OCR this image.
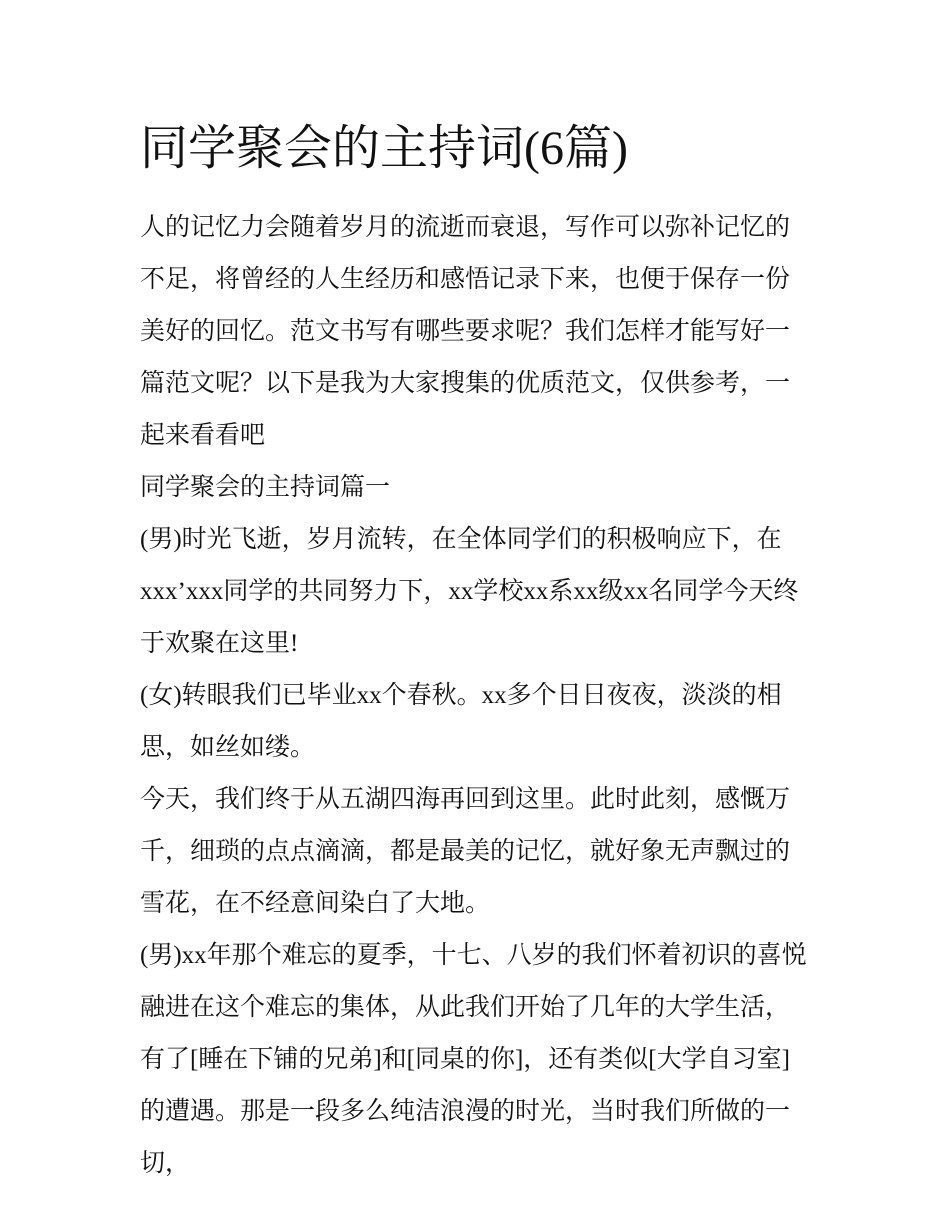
同学聚会的主持词(6篇)

人的记忆力会随着岁月的流逝而衰退，写作可以弥补记忆的不足，将曾经的人生经历和感悟记录下来，也便于保存一份美好的回忆。范文书写有哪些要求呢？我们怎样才能写好一篇范文呢？以下是我为大家搜集的优质范文，仅供参考，一起来看看吧

同学聚会的主持词篇一

(男)时光飞逝，岁月流转，在全体同学们的积极响应下，在xxx’xxx同学的共同努力下，xx学校xx系xx级xx名同学今天终于欢聚在这里!

(女)转眼我们已毕业xx个春秋。xx多个日日夜夜，淡淡的相思，如丝如缕。

今天，我们终于从五湖四海再回到这里。此时此刻，感慨万千，细琐的点点滴滴，都是最美的记忆，就好象无声飘过的雪花，在不经意间染白了大地。

(男)xx年那个难忘的夏季，十七、八岁的我们怀着初识的喜悦融进在这个难忘的集体，从此我们开始了几年的大学生活，有了[睡在下铺的兄弟]和[同桌的你]，还有类似[大学自习室]的遭遇。那是一段多么纯洁浪漫的时光，当时我们所做的一切，
